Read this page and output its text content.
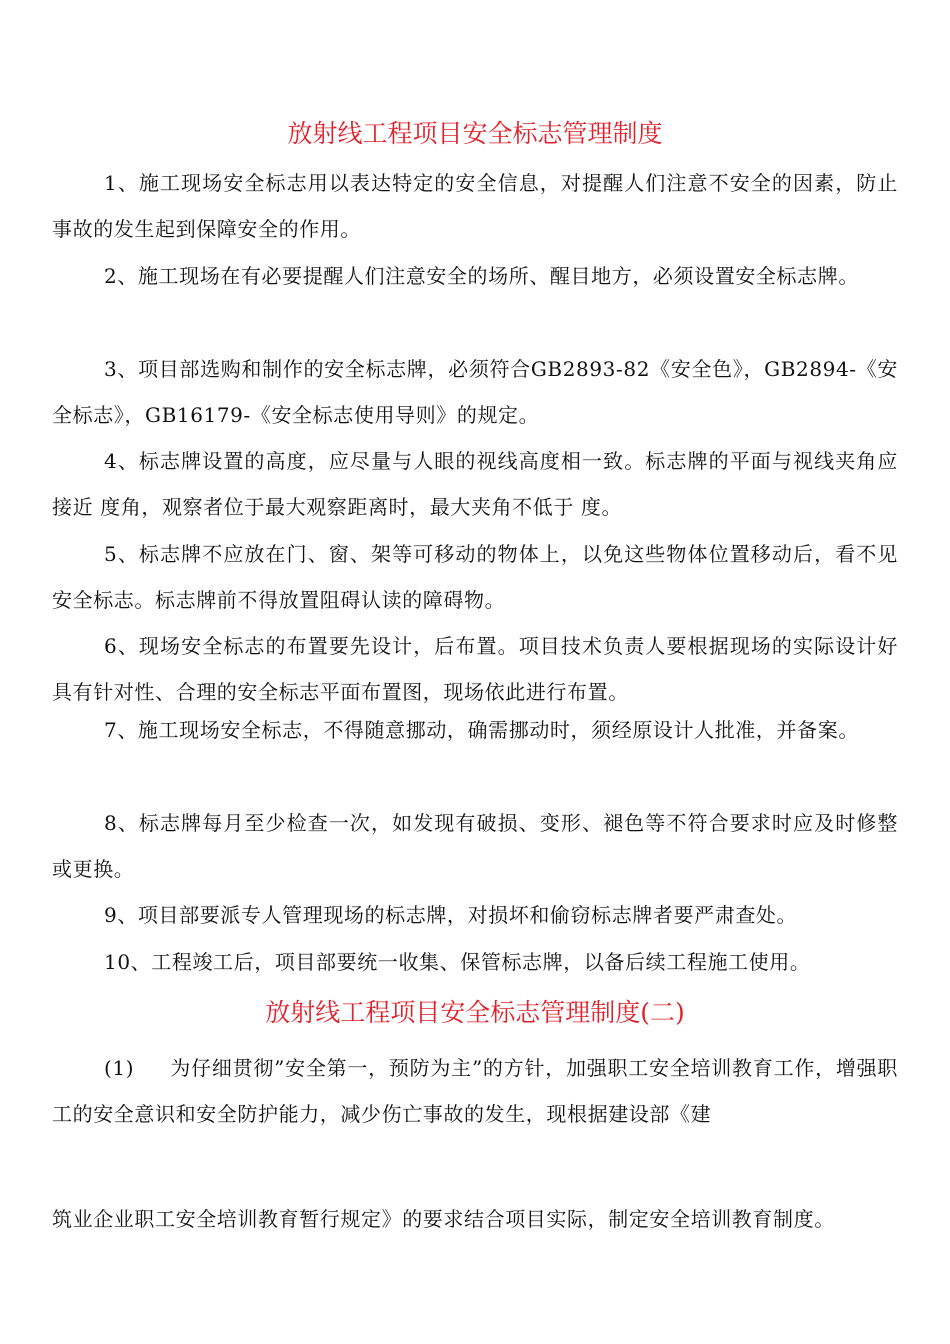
放射线工程项目安全标志管理制度

1、施工现场安全标志用以表达特定的安全信息，对提醒人们注意不安全的因素，防止事故的发生起到保障安全的作用。

2、施工现场在有必要提醒人们注意安全的场所、醒目地方，必须设置安全标志牌。

3、项目部选购和制作的安全标志牌，必须符合GB2893-82《安全色》，GB2894-《安全标志》，GB16179-《安全标志使用导则》的规定。

4、标志牌设置的高度，应尽量与人眼的视线高度相一致。标志牌的平面与视线夹角应接近 度角，观察者位于最大观察距离时，最大夹角不低于 度。

5、标志牌不应放在门、窗、架等可移动的物体上，以免这些物体位置移动后，看不见安全标志。标志牌前不得放置阻碍认读的障碍物。

6、现场安全标志的布置要先设计，后布置。项目技术负责人要根据现场的实际设计好具有针对性、合理的安全标志平面布置图，现场依此进行布置。

7、施工现场安全标志，不得随意挪动，确需挪动时，须经原设计人批准，并备案。

8、标志牌每月至少检查一次，如发现有破损、变形、褪色等不符合要求时应及时修整或更换。

9、项目部要派专人管理现场的标志牌，对损坏和偷窃标志牌者要严肃查处。

10、工程竣工后，项目部要统一收集、保管标志牌，以备后续工程施工使用。

放射线工程项目安全标志管理制度(二)

(1) 为仔细贯彻”安全第一，预防为主”的方针，加强职工安全培训教育工作，增强职工的安全意识和安全防护能力，减少伤亡事故的发生，现根据建设部《建

筑业企业职工安全培训教育暂行规定》的要求结合项目实际，制定安全培训教育制度。
